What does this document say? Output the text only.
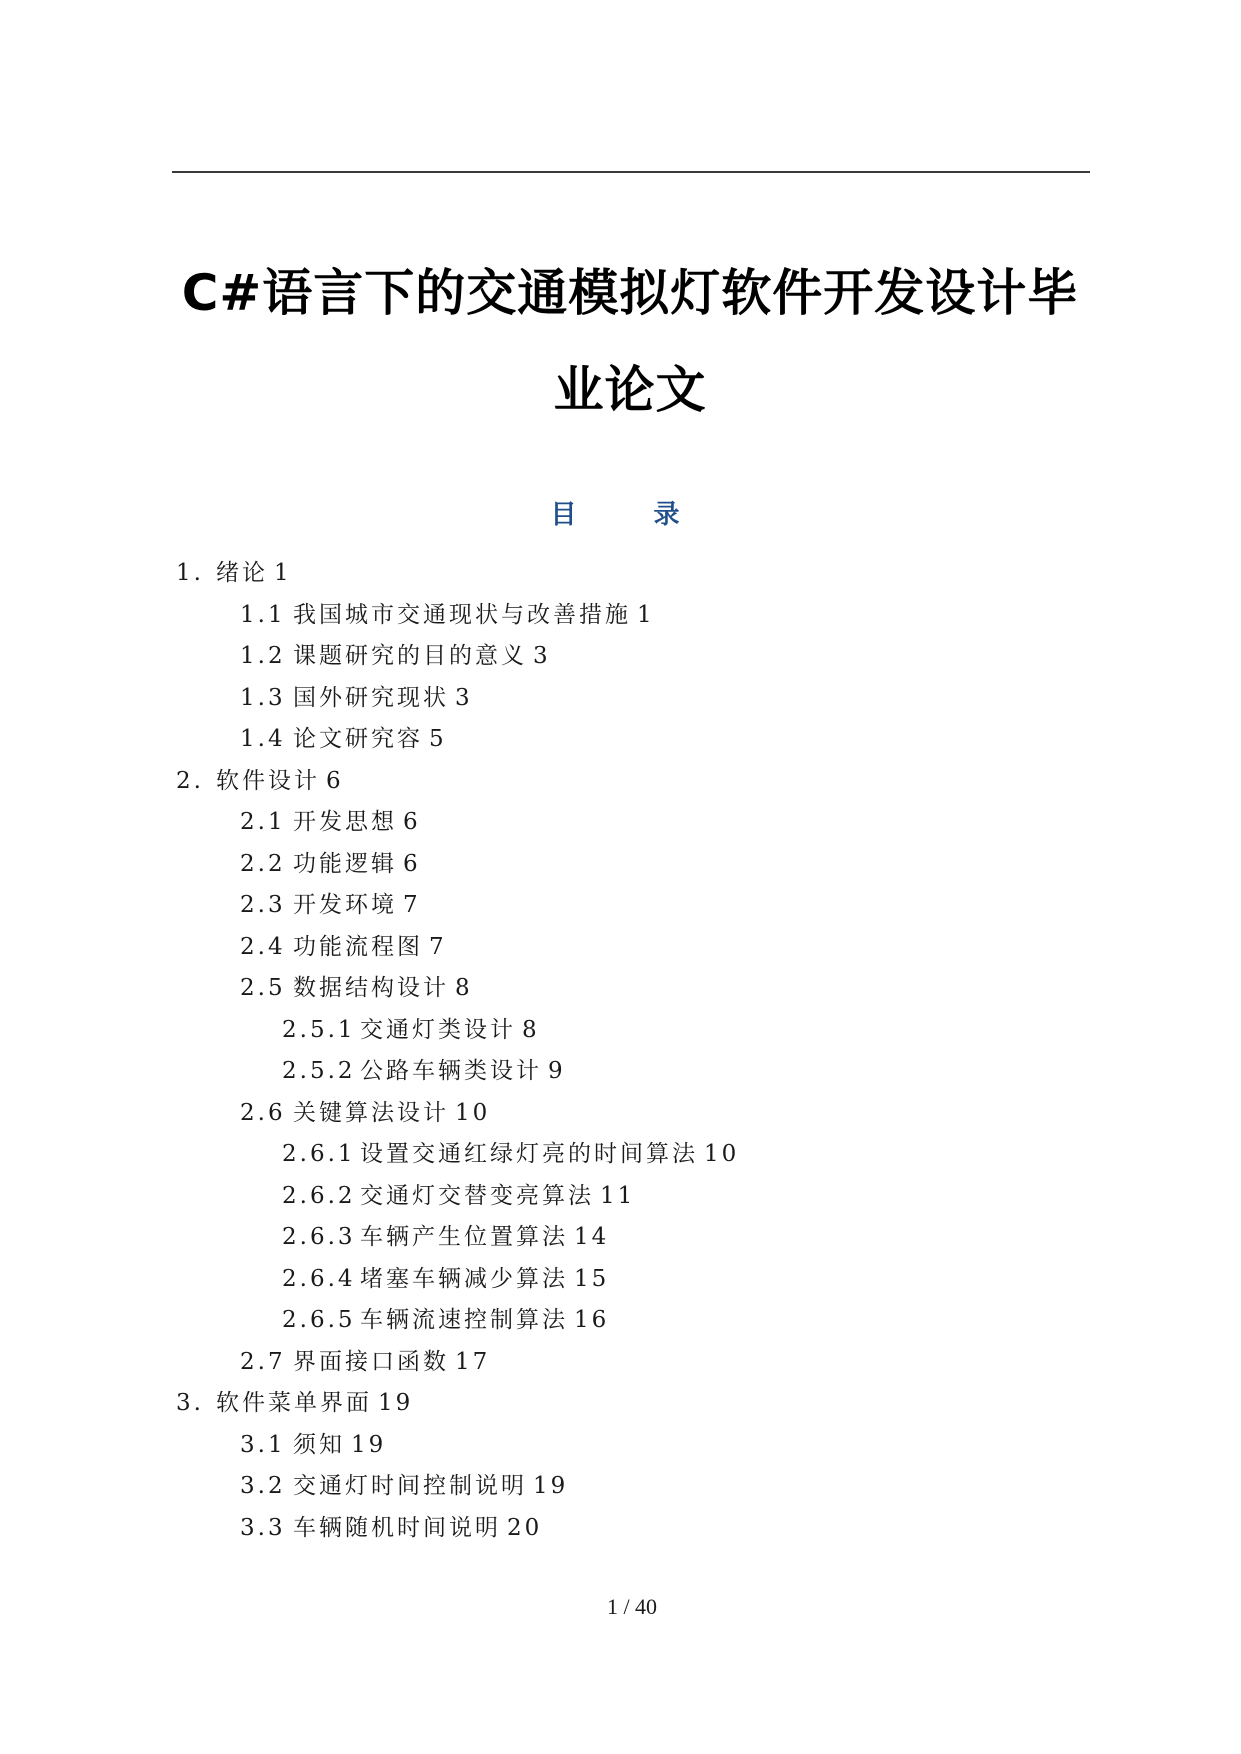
C#语言下的交通模拟灯软件开发设计毕
业论文
目 录
1. 绪论 1
1.1 我国城市交通现状与改善措施 1
1.2 课题研究的目的意义 3
1.3 国外研究现状 3
1.4 论文研究容 5
2. 软件设计 6
2.1 开发思想 6
2.2 功能逻辑 6
2.3 开发环境 7
2.4 功能流程图 7
2.5 数据结构设计 8
2.5.1 交通灯类设计 8
2.5.2 公路车辆类设计 9
2.6 关键算法设计 10
2.6.1 设置交通红绿灯亮的时间算法 10
2.6.2 交通灯交替变亮算法 11
2.6.3 车辆产生位置算法 14
2.6.4 堵塞车辆减少算法 15
2.6.5 车辆流速控制算法 16
2.7 界面接口函数 17
3. 软件菜单界面 19
3.1 须知 19
3.2 交通灯时间控制说明 19
3.3 车辆随机时间说明 20
1 / 40
